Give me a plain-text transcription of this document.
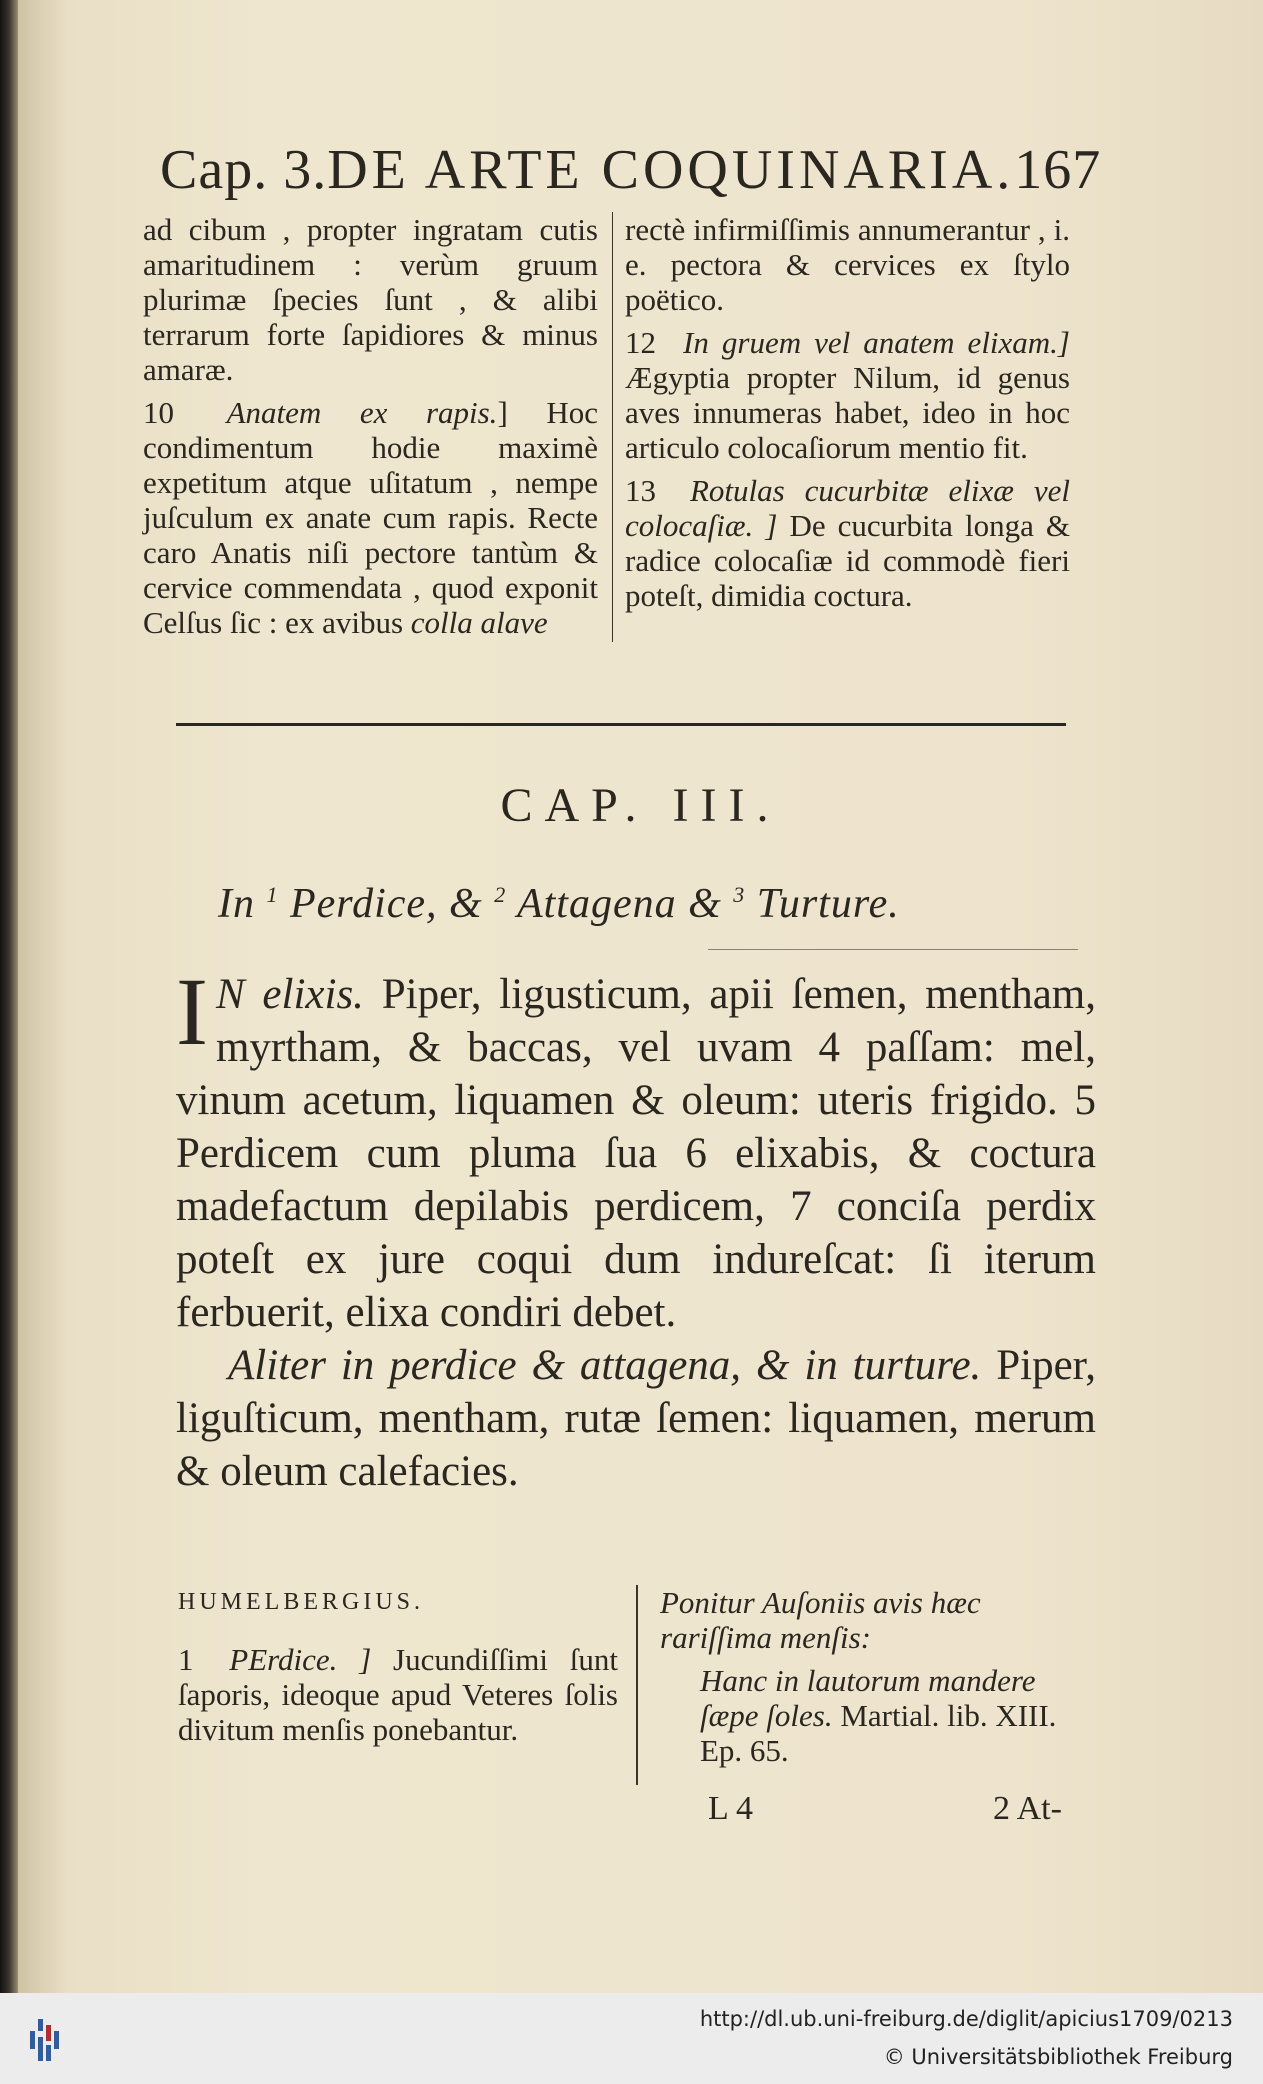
Cap. 3. DE ARTE COQUINARIA. 167

ad cibum , propter ingratam cutis amaritudinem : verùm gruum plurimæ ſpecies ſunt , & alibi terrarum forte ſapidiores & minus amaræ.

10 Anatem ex rapis.] Hoc condimentum hodie maximè expetitum atque uſitatum , nempe juſculum ex anate cum rapis. Recte caro Anatis niſi pectore tantùm & cervice commendata , quod exponit Celſus ſic : ex avibus colla alave

rectè infirmiſſimis annumerantur , i. e. pectora & cervices ex ſtylo poëtico.

12 In gruem vel anatem elixam.] Ægyptia propter Nilum, id genus aves innumeras habet, ideo in hoc articulo colocaſiorum mentio fit.

13 Rotulas cucurbitæ elixæ vel colocaſiæ. ] De cucurbita longa & radice colocaſiæ id commodè fieri poteſt, dimidia coctura.

CAP. III.
In $^1$ Perdice, & $^2$ Attagena & $^3$ Turture.

I N elixis. Piper, ligusticum, apii ſemen, mentham, myrtham, & baccas, vel uvam 4 paſſam: mel, vinum acetum, liquamen & oleum: uteris frigido. 5 Perdicem cum pluma ſua 6 elixabis, & coctura madefactum depilabis perdicem, 7 conciſa perdix poteſt ex jure coqui dum indureſcat: ſi iterum ferbuerit, elixa condiri debet.

Aliter in perdice & attagena, & in turture. Piper, liguſticum, mentham, rutæ ſemen: liquamen, merum & oleum calefacies.

HUMELBERGIUS.

1 PErdice. ] Jucundiſſimi ſunt ſaporis, ideoque apud Veteres ſolis divitum menſis ponebantur.

Ponitur Auſoniis avis hæc rariſſima menſis:

Hanc in lautorum mandere ſæpe ſoles. Martial. lib. XIII. Ep. 65.

L 4	2 At-
http://dl.ub.uni-freiburg.de/diglit/apicius1709/0213
© Universitätsbibliothek Freiburg
